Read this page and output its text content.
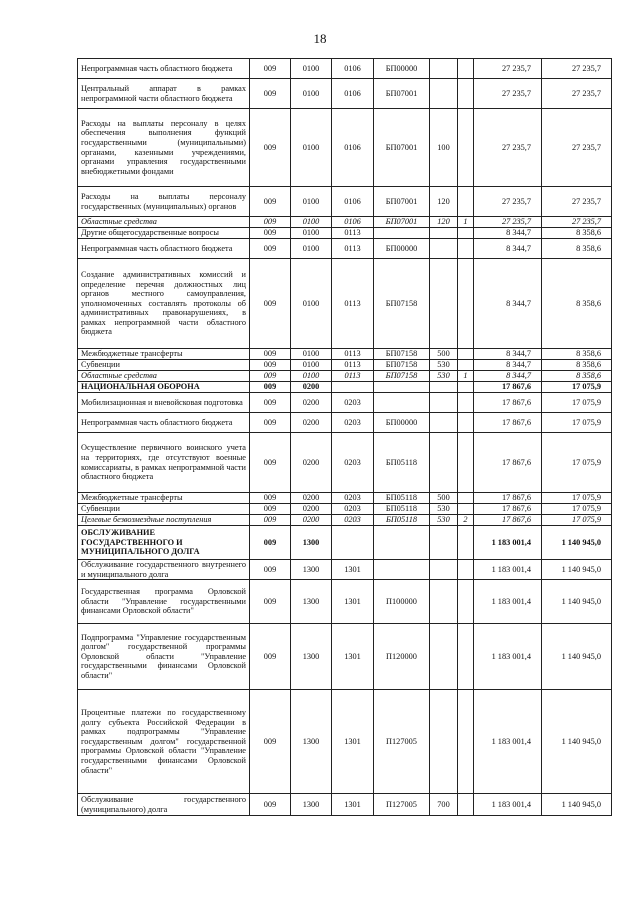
18
Непрограммная часть областного бюджета	009	0100	0106	БП00000			27 235,7	27 235,7
Центральный аппарат в рамках непрограммной части областного бюджета	009	0100	0106	БП07001			27 235,7	27 235,7
Расходы на выплаты персоналу в целях обеспечения выполнения функций государственными (муниципальными) органами, казенными учреждениями, органами управления государственными внебюджетными фондами	009	0100	0106	БП07001	100		27 235,7	27 235,7
Расходы на выплаты персоналу государственных (муниципальных) органов	009	0100	0106	БП07001	120		27 235,7	27 235,7
Областные средства	009	0100	0106	БП07001	120	1	27 235,7	27 235,7
Другие общегосударственные вопросы	009	0100	0113				8 344,7	8 358,6
Непрограммная часть областного бюджета	009	0100	0113	БП00000			8 344,7	8 358,6
Создание административных комиссий и определение перечня должностных лиц органов местного самоуправления, уполномоченных составлять протоколы об административных правонарушениях, в рамках непрограммной части областного бюджета	009	0100	0113	БП07158			8 344,7	8 358,6
Межбюджетные трансферты	009	0100	0113	БП07158	500		8 344,7	8 358,6
Субвенции	009	0100	0113	БП07158	530		8 344,7	8 358,6
Областные средства	009	0100	0113	БП07158	530	1	8 344,7	8 358,6
НАЦИОНАЛЬНАЯ ОБОРОНА	009	0200					17 867,6	17 075,9
Мобилизационная и вневойсковая подготовка	009	0200	0203				17 867,6	17 075,9
Непрограммная часть областного бюджета	009	0200	0203	БП00000			17 867,6	17 075,9
Осуществление первичного воинского учета на территориях, где отсутствуют военные комиссариаты, в рамках непрограммной части областного бюджета	009	0200	0203	БП05118			17 867,6	17 075,9
Межбюджетные трансферты	009	0200	0203	БП05118	500		17 867,6	17 075,9
Субвенции	009	0200	0203	БП05118	530		17 867,6	17 075,9
Целевые безвозмездные поступления	009	0200	0203	БП05118	530	2	17 867,6	17 075,9
ОБСЛУЖИВАНИЕ ГОСУДАРСТВЕННОГО И МУНИЦИПАЛЬНОГО ДОЛГА	009	1300					1 183 001,4	1 140 945,0
Обслуживание государственного внутреннего и муниципального долга	009	1300	1301				1 183 001,4	1 140 945,0
Государственная программа Орловской области "Управление государственными финансами Орловской области"	009	1300	1301	П100000			1 183 001,4	1 140 945,0
Подпрограмма "Управление государственным долгом" государственной программы Орловской области "Управление государственными финансами Орловской области"	009	1300	1301	П120000			1 183 001,4	1 140 945,0
Процентные платежи по государственному долгу субъекта Российской Федерации в рамках подпрограммы "Управление государственным долгом" государственной программы Орловской области "Управление государственными финансами Орловской области"	009	1300	1301	П127005			1 183 001,4	1 140 945,0
Обслуживание государственного (муниципального) долга	009	1300	1301	П127005	700		1 183 001,4	1 140 945,0
